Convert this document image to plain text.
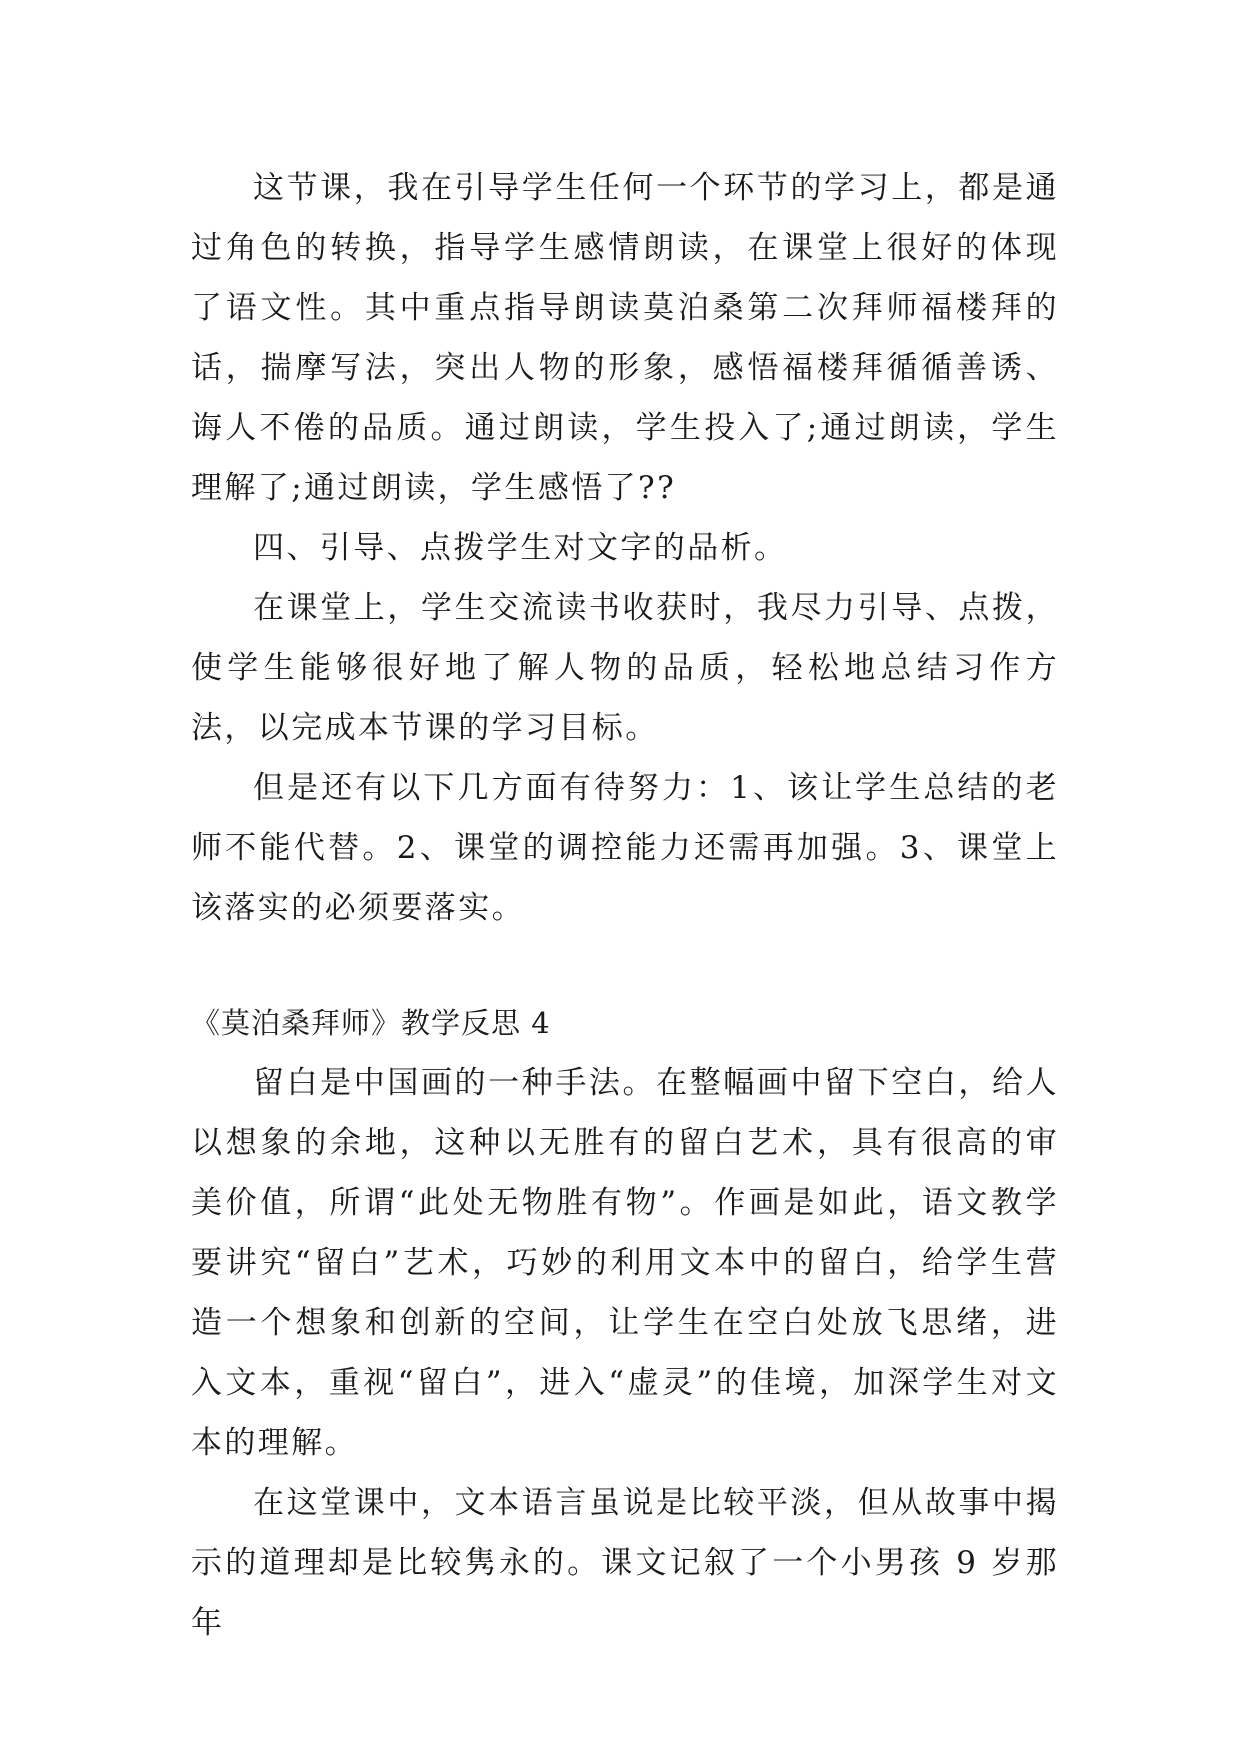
这节课，我在引导学生任何一个环节的学习上，都是通过角色的转换，指导学生感情朗读，在课堂上很好的体现了语文性。其中重点指导朗读莫泊桑第二次拜师福楼拜的话，揣摩写法，突出人物的形象，感悟福楼拜循循善诱、诲人不倦的品质。通过朗读，学生投入了;通过朗读，学生理解了;通过朗读，学生感悟了??

四、引导、点拨学生对文字的品析。

在课堂上，学生交流读书收获时，我尽力引导、点拨，使学生能够很好地了解人物的品质，轻松地总结习作方法，以完成本节课的学习目标。

但是还有以下几方面有待努力：1、该让学生总结的老师不能代替。2、课堂的调控能力还需再加强。3、课堂上该落实的必须要落实。

《莫泊桑拜师》教学反思 4

留白是中国画的一种手法。在整幅画中留下空白，给人以想象的余地，这种以无胜有的留白艺术，具有很高的审美价值，所谓“此处无物胜有物”。作画是如此，语文教学要讲究“留白”艺术，巧妙的利用文本中的留白，给学生营造一个想象和创新的空间，让学生在空白处放飞思绪，进入文本，重视“留白”，进入“虚灵”的佳境，加深学生对文本的理解。

在这堂课中，文本语言虽说是比较平淡，但从故事中揭示的道理却是比较隽永的。课文记叙了一个小男孩 9 岁那年
